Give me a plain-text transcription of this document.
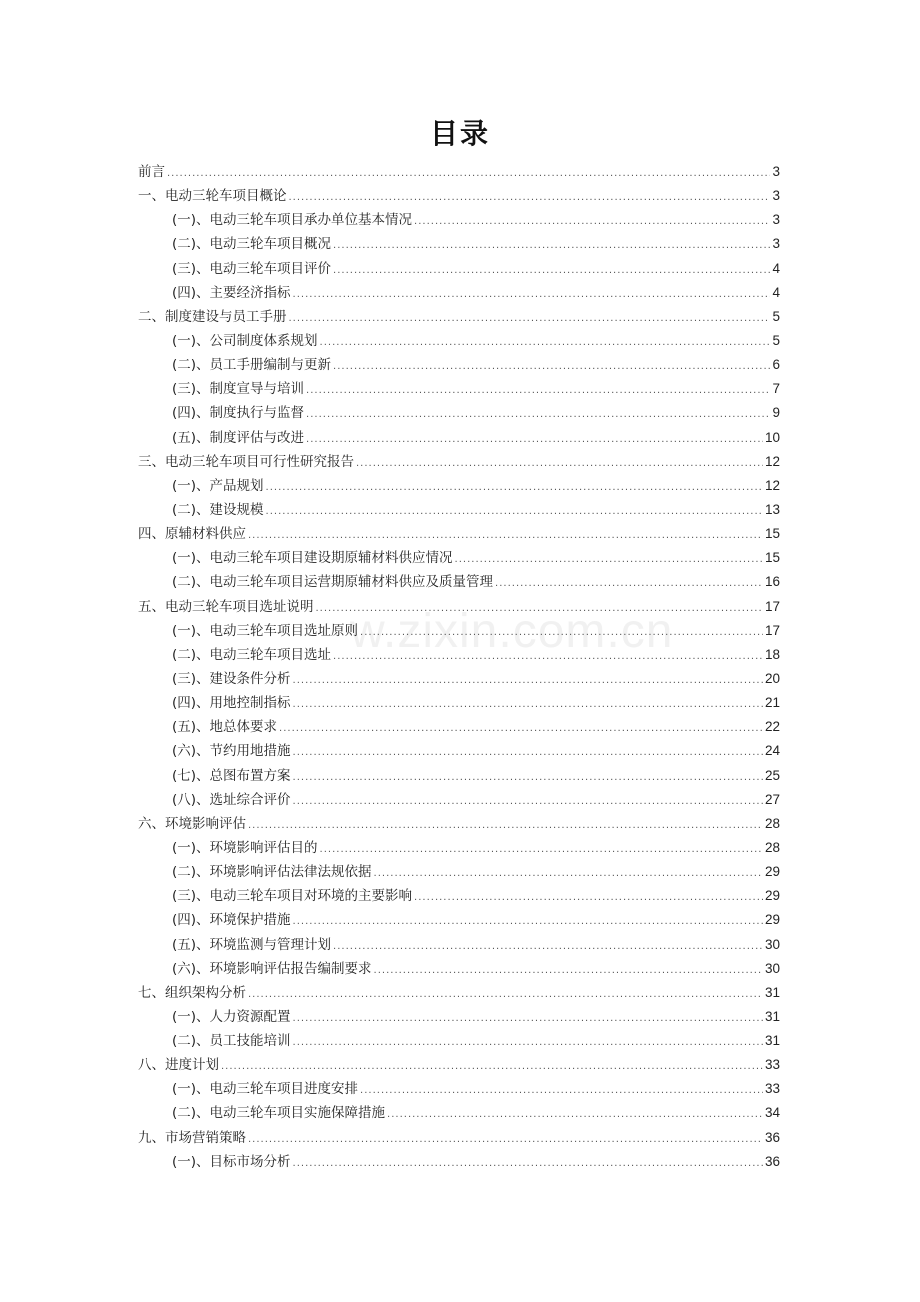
目录
w.zixin.com.cn
前言 .....	3
一、电动三轮车项目概论 .....	3
(一)、电动三轮车项目承办单位基本情况 .....	3
(二)、电动三轮车项目概况 .....	3
(三)、电动三轮车项目评价 .....	4
(四)、主要经济指标 .....	4
二、制度建设与员工手册 .....	5
(一)、公司制度体系规划 .....	5
(二)、员工手册编制与更新 .....	6
(三)、制度宣导与培训 .....	7
(四)、制度执行与监督 .....	9
(五)、制度评估与改进 .....	10
三、电动三轮车项目可行性研究报告 .....	12
(一)、产品规划 .....	12
(二)、建设规模 .....	13
四、原辅材料供应 .....	15
(一)、电动三轮车项目建设期原辅材料供应情况 .....	15
(二)、电动三轮车项目运营期原辅材料供应及质量管理 .....	16
五、电动三轮车项目选址说明 .....	17
(一)、电动三轮车项目选址原则 .....	17
(二)、电动三轮车项目选址 .....	18
(三)、建设条件分析 .....	20
(四)、用地控制指标 .....	21
(五)、地总体要求 .....	22
(六)、节约用地措施 .....	24
(七)、总图布置方案 .....	25
(八)、选址综合评价 .....	27
六、环境影响评估 .....	28
(一)、环境影响评估目的 .....	28
(二)、环境影响评估法律法规依据 .....	29
(三)、电动三轮车项目对环境的主要影响 .....	29
(四)、环境保护措施 .....	29
(五)、环境监测与管理计划 .....	30
(六)、环境影响评估报告编制要求 .....	30
七、组织架构分析 .....	31
(一)、人力资源配置 .....	31
(二)、员工技能培训 .....	31
八、进度计划 .....	33
(一)、电动三轮车项目进度安排 .....	33
(二)、电动三轮车项目实施保障措施 .....	34
九、市场营销策略 .....	36
(一)、目标市场分析 .....	36
